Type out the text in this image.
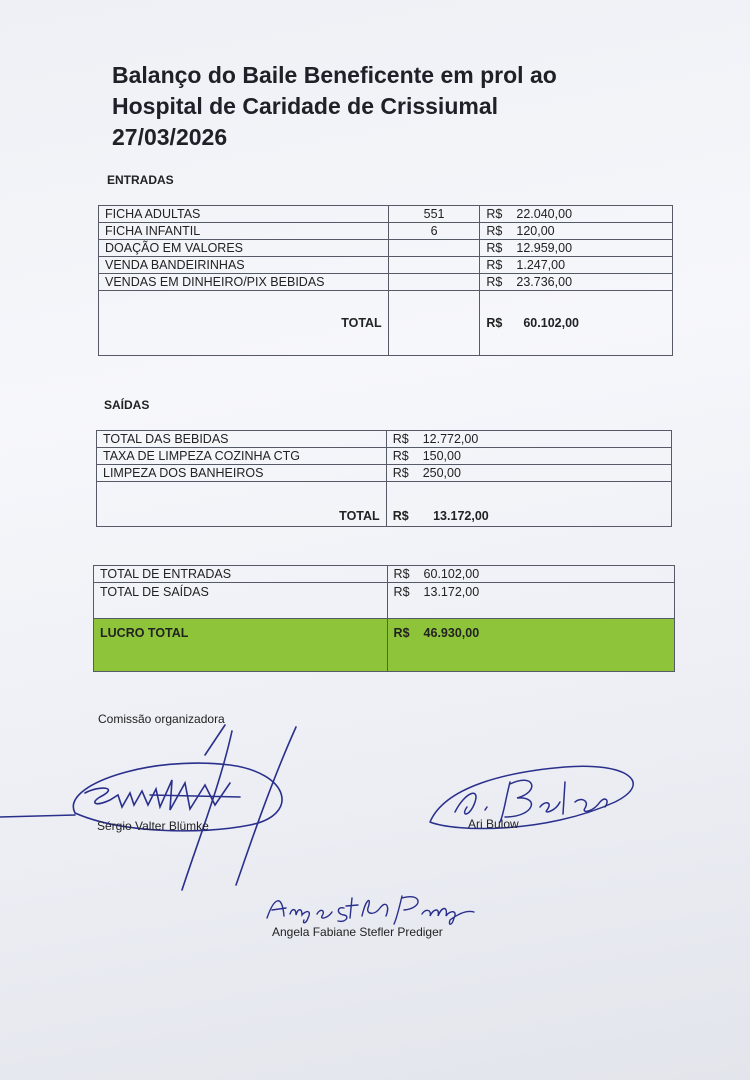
Balanço do Baile Beneficente em prol ao
Hospital de Caridade de Crissiumal
27/03/2026
ENTRADAS
FICHA ADULTAS	551	R$ 22.040,00
FICHA INFANTIL	6	R$ 120,00
DOAÇÃO EM VALORES		R$ 12.959,00
VENDA BANDEIRINHAS		R$ 1.247,00
VENDAS EM DINHEIRO/PIX BEBIDAS		R$ 23.736,00
TOTAL		R$ 60.102,00
SAÍDAS
TOTAL DAS BEBIDAS	R$ 12.772,00
TAXA DE LIMPEZA COZINHA CTG	R$ 150,00
LIMPEZA DOS BANHEIROS	R$ 250,00
TOTAL	R$ 13.172,00
TOTAL DE ENTRADAS	R$ 60.102,00
TOTAL DE SAÍDAS	R$ 13.172,00
LUCRO TOTAL	R$ 46.930,00
Comissão organizadora
Sérgio Valter Blümke	Ari Bulow
Angela Fabiane Stefler Prediger
